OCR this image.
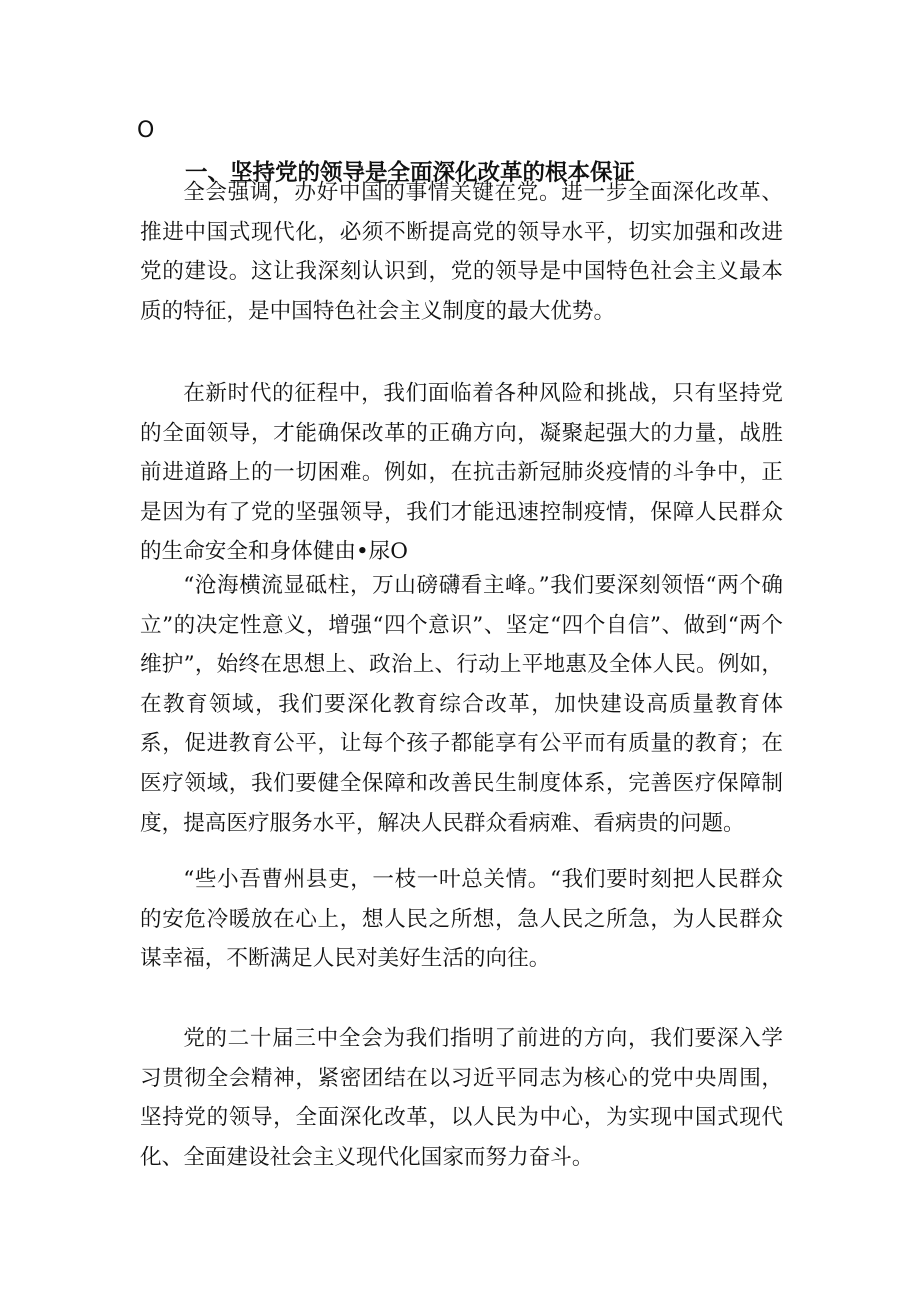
O
一、坚持党的领导是全面深化改革的根本保证

全会强调，办好中国的事情关键在党。进一步全面深化改革、推进中国式现代化，必须不断提高党的领导水平，切实加强和改进党的建设。这让我深刻认识到，党的领导是中国特色社会主义最本质的特征，是中国特色社会主义制度的最大优势。

在新时代的征程中，我们面临着各种风险和挑战，只有坚持党的全面领导，才能确保改革的正确方向，凝聚起强大的力量，战胜前进道路上的一切困难。例如，在抗击新冠肺炎疫情的斗争中，正是因为有了党的坚强领导，我们才能迅速控制疫情，保障人民群众的生命安全和身体健由•尿O

“沧海横流显砥柱，万山磅礴看主峰。”我们要深刻领悟“两个确立”的决定性意义，增强“四个意识”、坚定“四个自信”、做到“两个维护”，始终在思想上、政治上、行动上平地惠及全体人民。例如，在教育领域，我们要深化教育综合改革，加快建设高质量教育体系，促进教育公平，让每个孩子都能享有公平而有质量的教育；在医疗领域，我们要健全保障和改善民生制度体系，完善医疗保障制度，提高医疗服务水平，解决人民群众看病难、看病贵的问题。

“些小吾曹州县吏，一枝一叶总关情。“我们要时刻把人民群众的安危冷暖放在心上，想人民之所想，急人民之所急，为人民群众谋幸福，不断满足人民对美好生活的向往。

党的二十届三中全会为我们指明了前进的方向，我们要深入学习贯彻全会精神，紧密团结在以习近平同志为核心的党中央周围，坚持党的领导，全面深化改革，以人民为中心，为实现中国式现代化、全面建设社会主义现代化国家而努力奋斗。
